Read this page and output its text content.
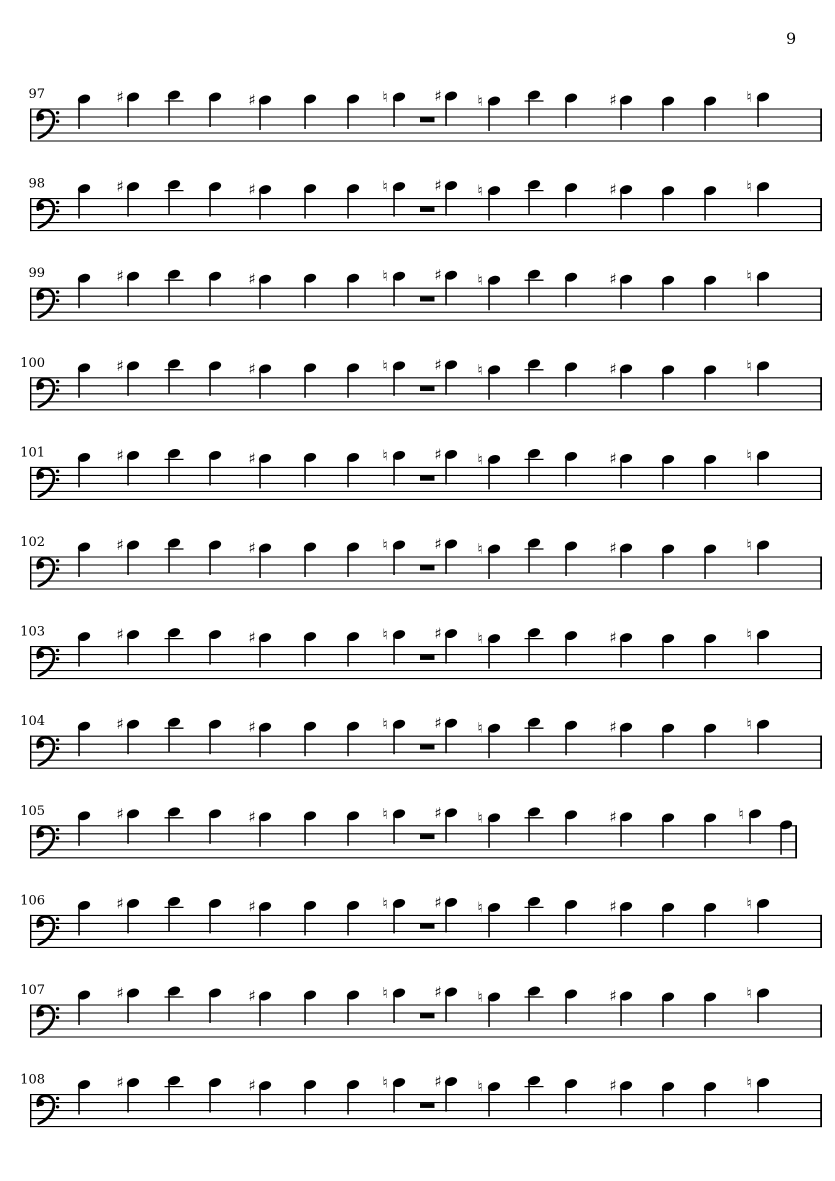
9
97	♯	♯	♮	♯ ♮	♯	♮
98	♯	♯	♮	♯ ♮	♯	♮
99	♯	♯	♮	♯ ♮	♯	♮
100	♯	♯	♮	♯ ♮	♯	♮
101	♯	♯	♮	♯ ♮	♯	♮
102	♯	♯	♮	♯ ♮	♯	♮
103	♯	♯	♮	♯ ♮	♯	♮
104	♯	♯	♮	♯ ♮	♯	♮
105	♯	♯	♮	♯ ♮	♯	♮
106	♯	♯	♮	♯ ♮	♯	♮
107	♯	♯	♮	♯ ♮	♯	♮
108	♯	♯	♮	♯ ♮	♯	♮
